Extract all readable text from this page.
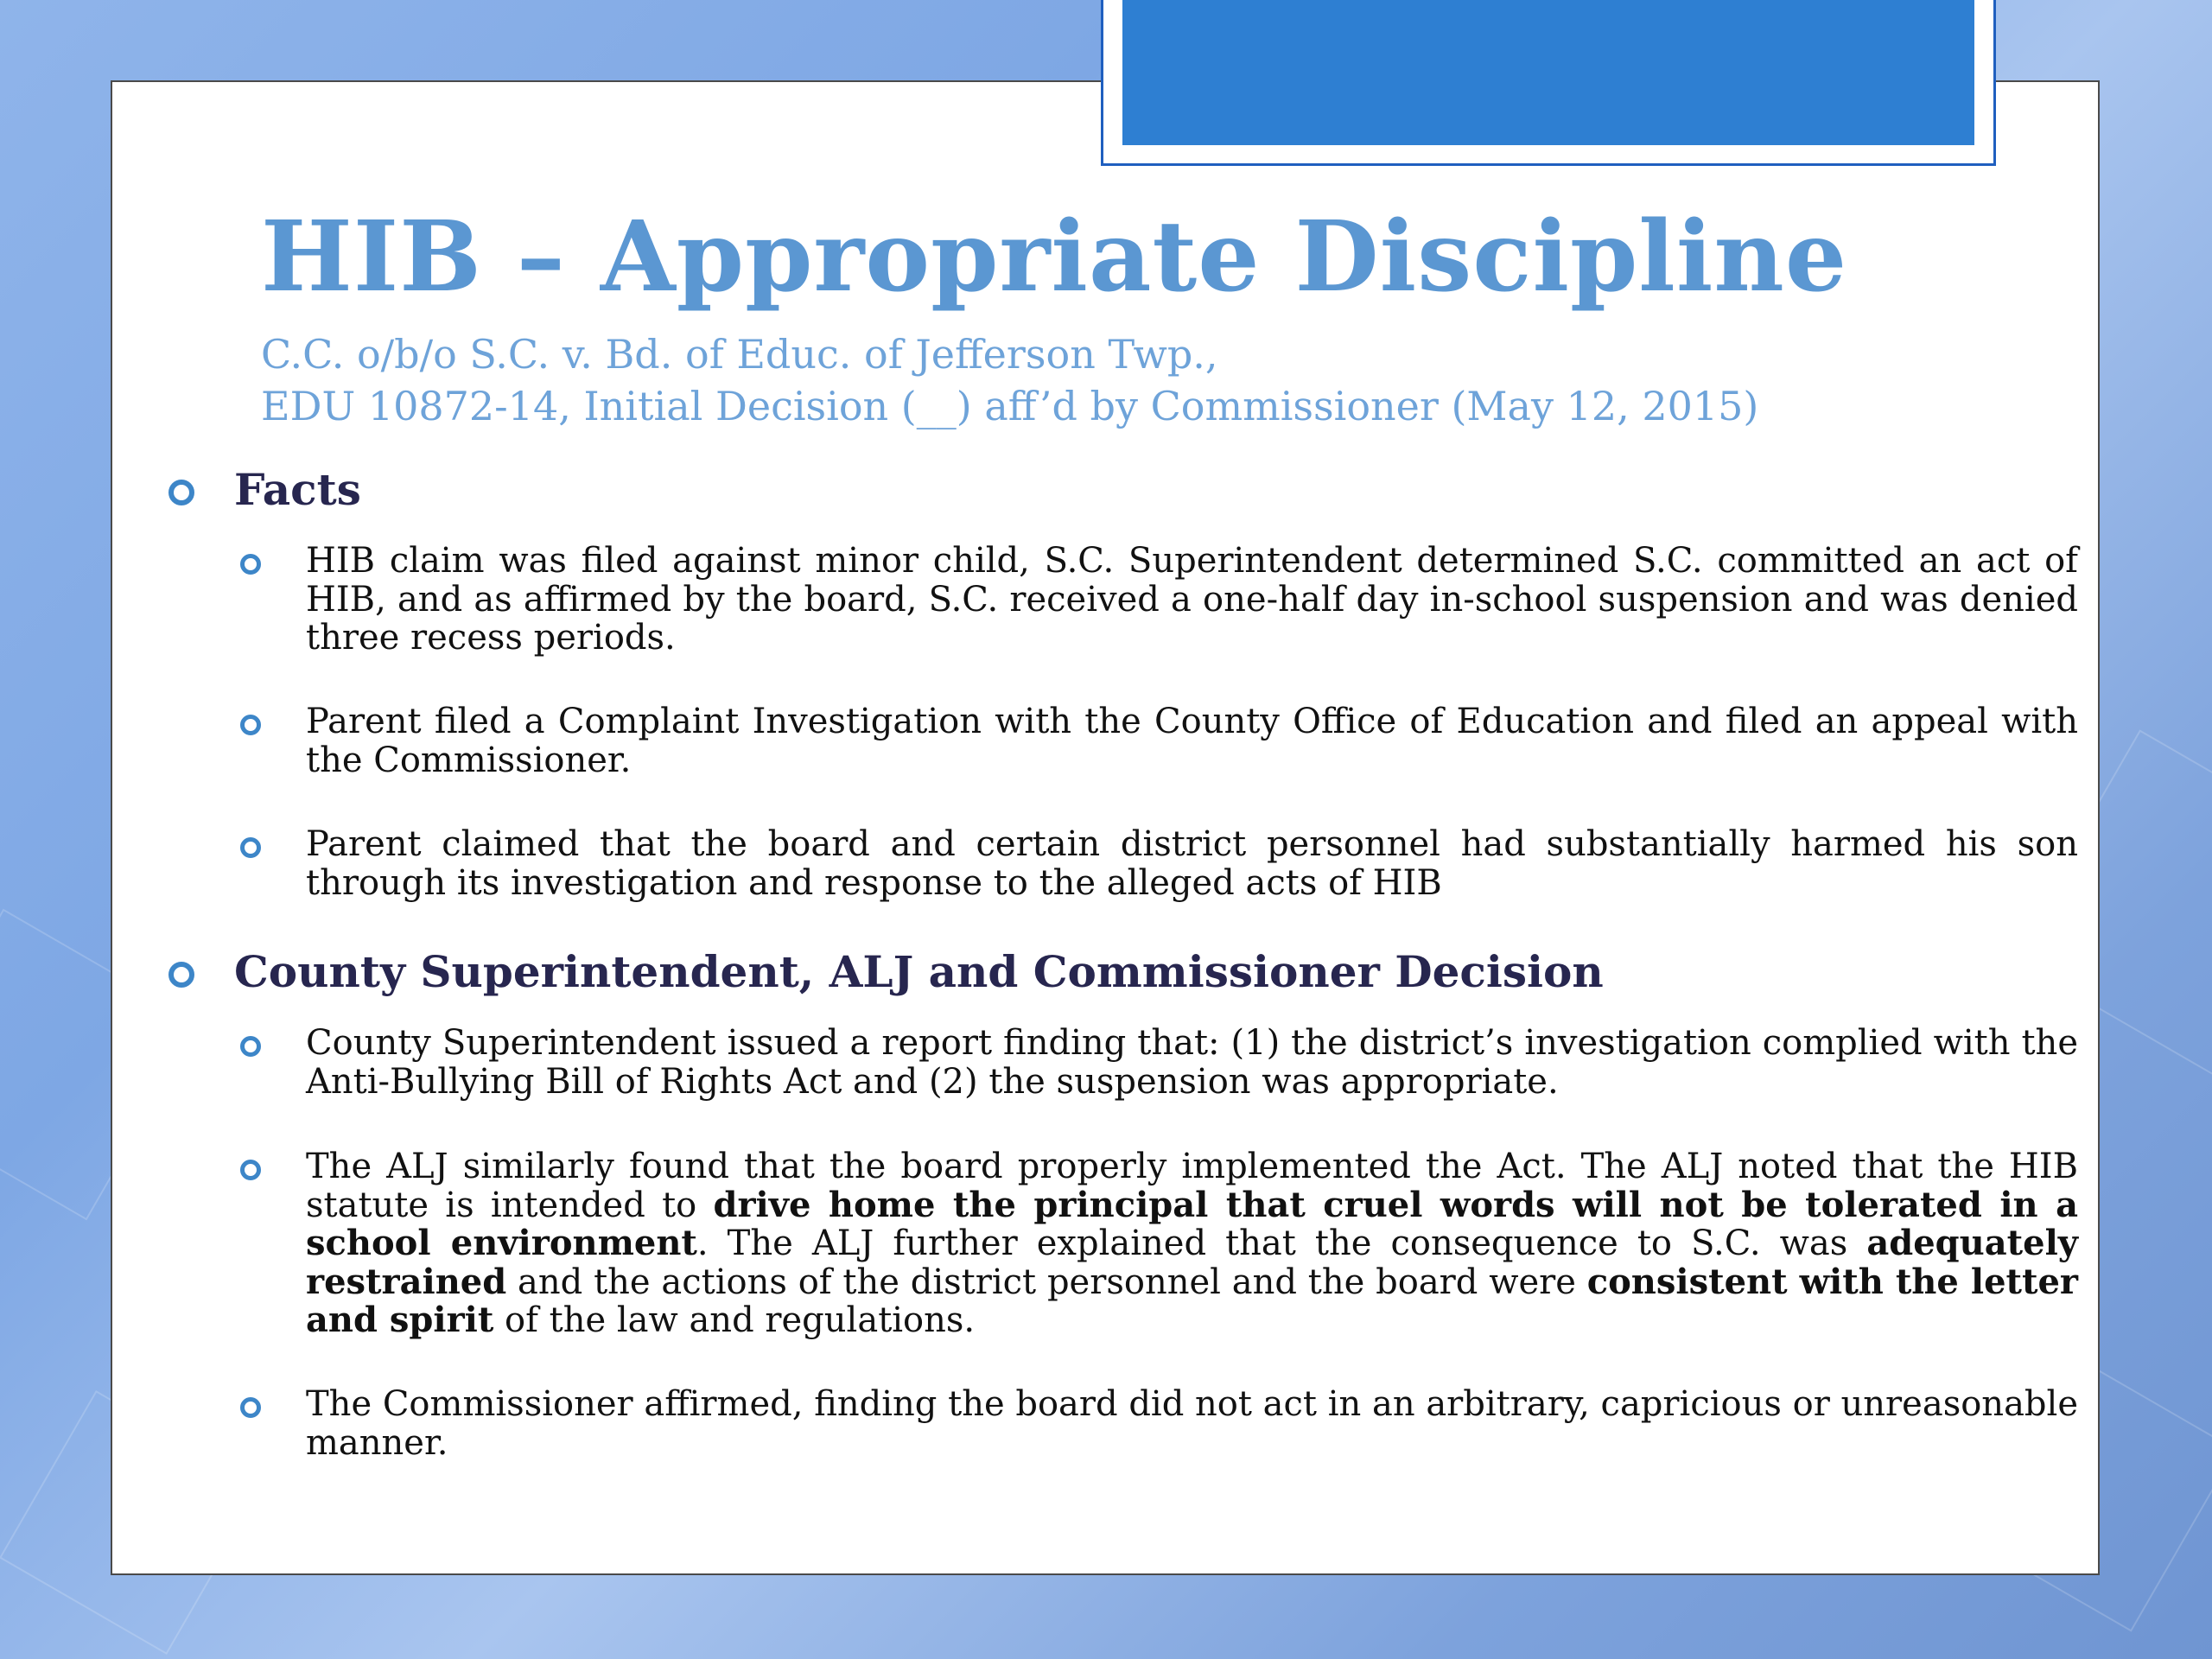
HIB – Appropriate Discipline
C.C. o/b/o S.C. v. Bd. of Educ. of Jefferson Twp.,
EDU 10872-14, Initial Decision (__) aff’d by Commissioner (May 12, 2015)
Facts
HIB claim was filed against minor child, S.C. Superintendent determined S.C. committed an act of HIB, and as affirmed by the board, S.C. received a one-half day in-school suspension and was denied three recess periods.
Parent filed a Complaint Investigation with the County Office of Education and filed an appeal with the Commissioner.
Parent claimed that the board and certain district personnel had substantially harmed his son through its investigation and response to the alleged acts of HIB
County Superintendent, ALJ and Commissioner Decision
County Superintendent issued a report finding that: (1) the district’s investigation complied with the Anti-Bullying Bill of Rights Act and (2) the suspension was appropriate.
The ALJ similarly found that the board properly implemented the Act. The ALJ noted that the HIB statute is intended to drive home the principal that cruel words will not be tolerated in a school environment. The ALJ further explained that the consequence to S.C. was adequately restrained and the actions of the district personnel and the board were consistent with the letter and spirit of the law and regulations.
The Commissioner affirmed, finding the board did not act in an arbitrary, capricious or unreasonable manner.
